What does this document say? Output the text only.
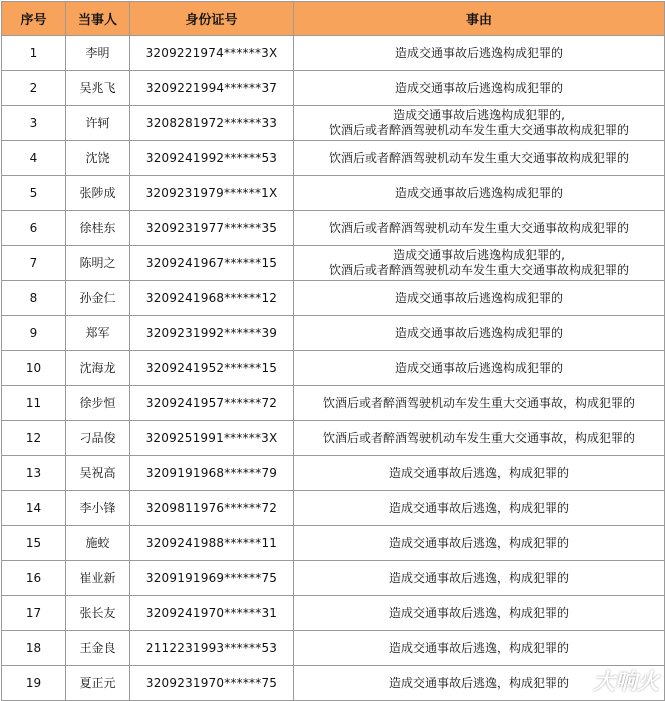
序号	当事人	身份证号	事由
1	李明	3209221974******3X	造成交通事故后逃逸构成犯罪的

2	吴兆飞	3209221994******37	造成交通事故后逃逸构成犯罪的

3	许轲	3208281972******33	造成交通事故后逃逸构成犯罪的,
饮酒后或者醉酒驾驶机动车发生重大交通事故构成犯罪的

4	沈饶	3209241992******53	饮酒后或者醉酒驾驶机动车发生重大交通事故构成犯罪的

5	张陟成	3209231979******1X	造成交通事故后逃逸构成犯罪的

6	徐桂东	3209231977******35	饮酒后或者醉酒驾驶机动车发生重大交通事故构成犯罪的

7	陈明之	3209241967******15	造成交通事故后逃逸构成犯罪的,
饮酒后或者醉酒驾驶机动车发生重大交通事故构成犯罪的

8	孙金仁	3209241968******12	造成交通事故后逃逸构成犯罪的

9	郑军	3209231992******39	造成交通事故后逃逸构成犯罪的

10	沈海龙	3209241952******15	造成交通事故后逃逸构成犯罪的

11	徐步恒	3209241957******72	饮酒后或者醉酒驾驶机动车发生重大交通事故，构成犯罪的

12	刁品俊	3209251991******3X	饮酒后或者醉酒驾驶机动车发生重大交通事故，构成犯罪的

13	吴祝高	3209191968******79	造成交通事故后逃逸，构成犯罪的

14	李小锋	3209811976******72	造成交通事故后逃逸，构成犯罪的

15	施蛟	3209241988******11	造成交通事故后逃逸，构成犯罪的

16	崔业新	3209191969******75	造成交通事故后逃逸，构成犯罪的

17	张长友	3209241970******31	造成交通事故后逃逸，构成犯罪的

18	王金良	2112231993******53	造成交通事故后逃逸，构成犯罪的

19	夏正元	3209231970******75	造成交通事故后逃逸，构成犯罪的	大响火
